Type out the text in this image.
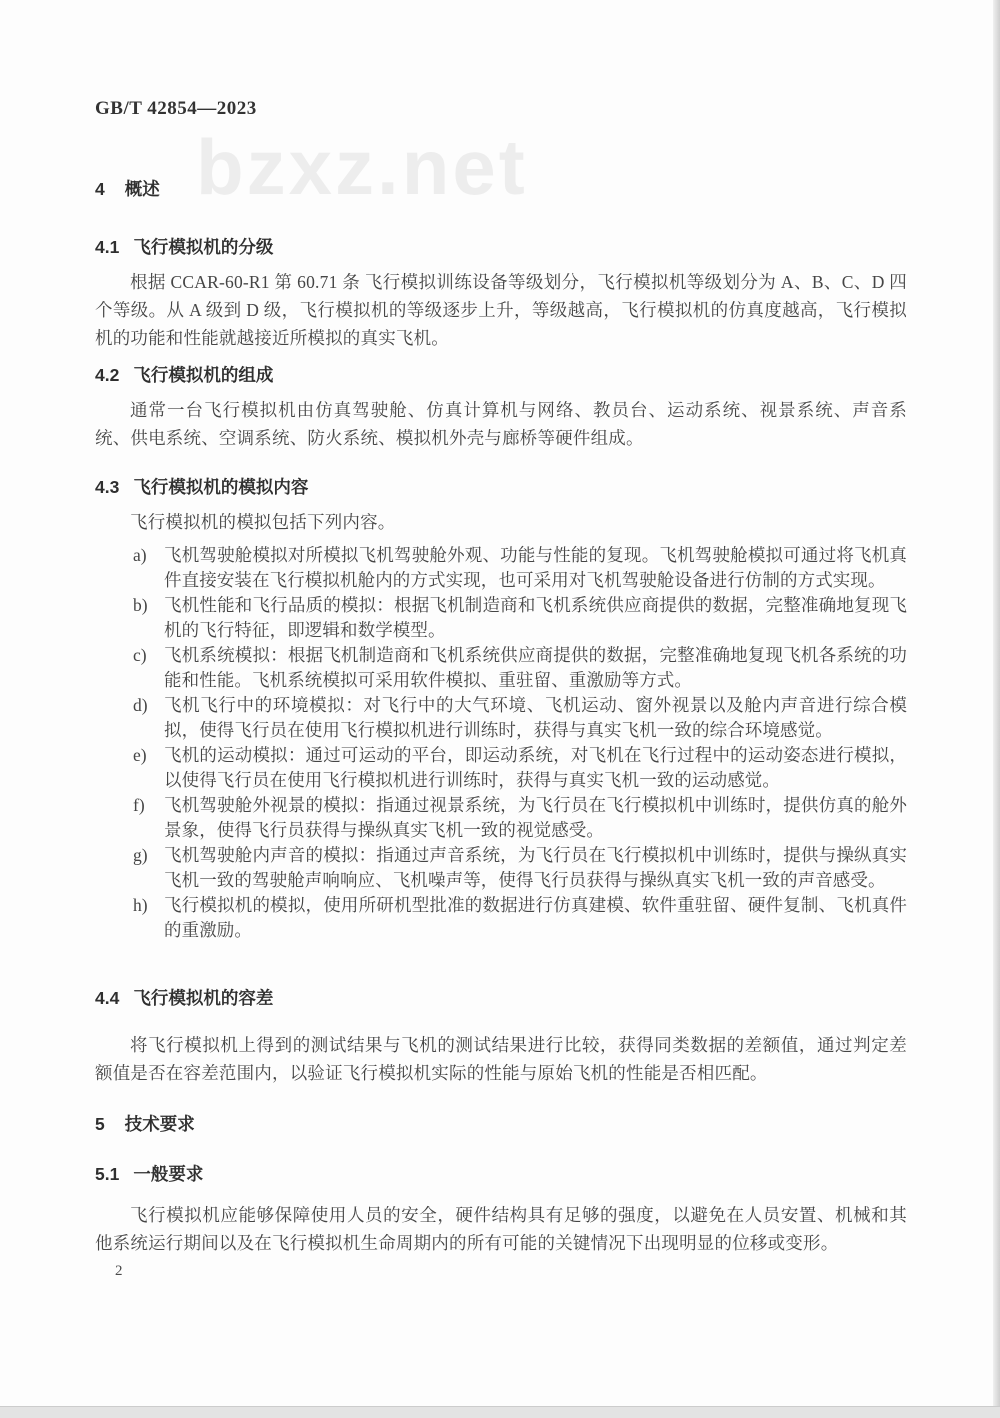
bzxz.net

GB/T 42854—2023

4 概述
4.1 飞行模拟机的分级

根据 CCAR-60-R1 第 60.71 条 飞行模拟训练设备等级划分，飞行模拟机等级划分为 A、B、C、D 四个等级。从 A 级到 D 级，飞行模拟机的等级逐步上升，等级越高，飞行模拟机的仿真度越高，飞行模拟机的功能和性能就越接近所模拟的真实飞机。

4.2 飞行模拟机的组成

通常一台飞行模拟机由仿真驾驶舱、仿真计算机与网络、教员台、运动系统、视景系统、声音系统、供电系统、空调系统、防火系统、模拟机外壳与廊桥等硬件组成。

4.3 飞行模拟机的模拟内容

飞行模拟机的模拟包括下列内容。

a) 飞机驾驶舱模拟对所模拟飞机驾驶舱外观、功能与性能的复现。飞机驾驶舱模拟可通过将飞机真件直接安装在飞行模拟机舱内的方式实现，也可采用对飞机驾驶舱设备进行仿制的方式实现。
b) 飞机性能和飞行品质的模拟：根据飞机制造商和飞机系统供应商提供的数据，完整准确地复现飞机的飞行特征，即逻辑和数学模型。
c) 飞机系统模拟：根据飞机制造商和飞机系统供应商提供的数据，完整准确地复现飞机各系统的功能和性能。飞机系统模拟可采用软件模拟、重驻留、重激励等方式。
d) 飞机飞行中的环境模拟：对飞行中的大气环境、飞机运动、窗外视景以及舱内声音进行综合模拟，使得飞行员在使用飞行模拟机进行训练时，获得与真实飞机一致的综合环境感觉。
e) 飞机的运动模拟：通过可运动的平台，即运动系统，对飞机在飞行过程中的运动姿态进行模拟，以使得飞行员在使用飞行模拟机进行训练时，获得与真实飞机一致的运动感觉。
f)	飞机驾驶舱外视景的模拟：指通过视景系统，为飞行员在飞行模拟机中训练时，提供仿真的舱外景象，使得飞行员获得与操纵真实飞机一致的视觉感受。
g) 飞机驾驶舱内声音的模拟：指通过声音系统，为飞行员在飞行模拟机中训练时，提供与操纵真实飞机一致的驾驶舱声响响应、飞机噪声等，使得飞行员获得与操纵真实飞机一致的声音感受。
h) 飞行模拟机的模拟，使用所研机型批准的数据进行仿真建模、软件重驻留、硬件复制、飞机真件的重激励。
4.4 飞行模拟机的容差

将飞行模拟机上得到的测试结果与飞机的测试结果进行比较，获得同类数据的差额值，通过判定差额值是否在容差范围内，以验证飞行模拟机实际的性能与原始飞机的性能是否相匹配。

5 技术要求
5.1 一般要求

飞行模拟机应能够保障使用人员的安全，硬件结构具有足够的强度，以避免在人员安置、机械和其他系统运行期间以及在飞行模拟机生命周期内的所有可能的关键情况下出现明显的位移或变形。

2
